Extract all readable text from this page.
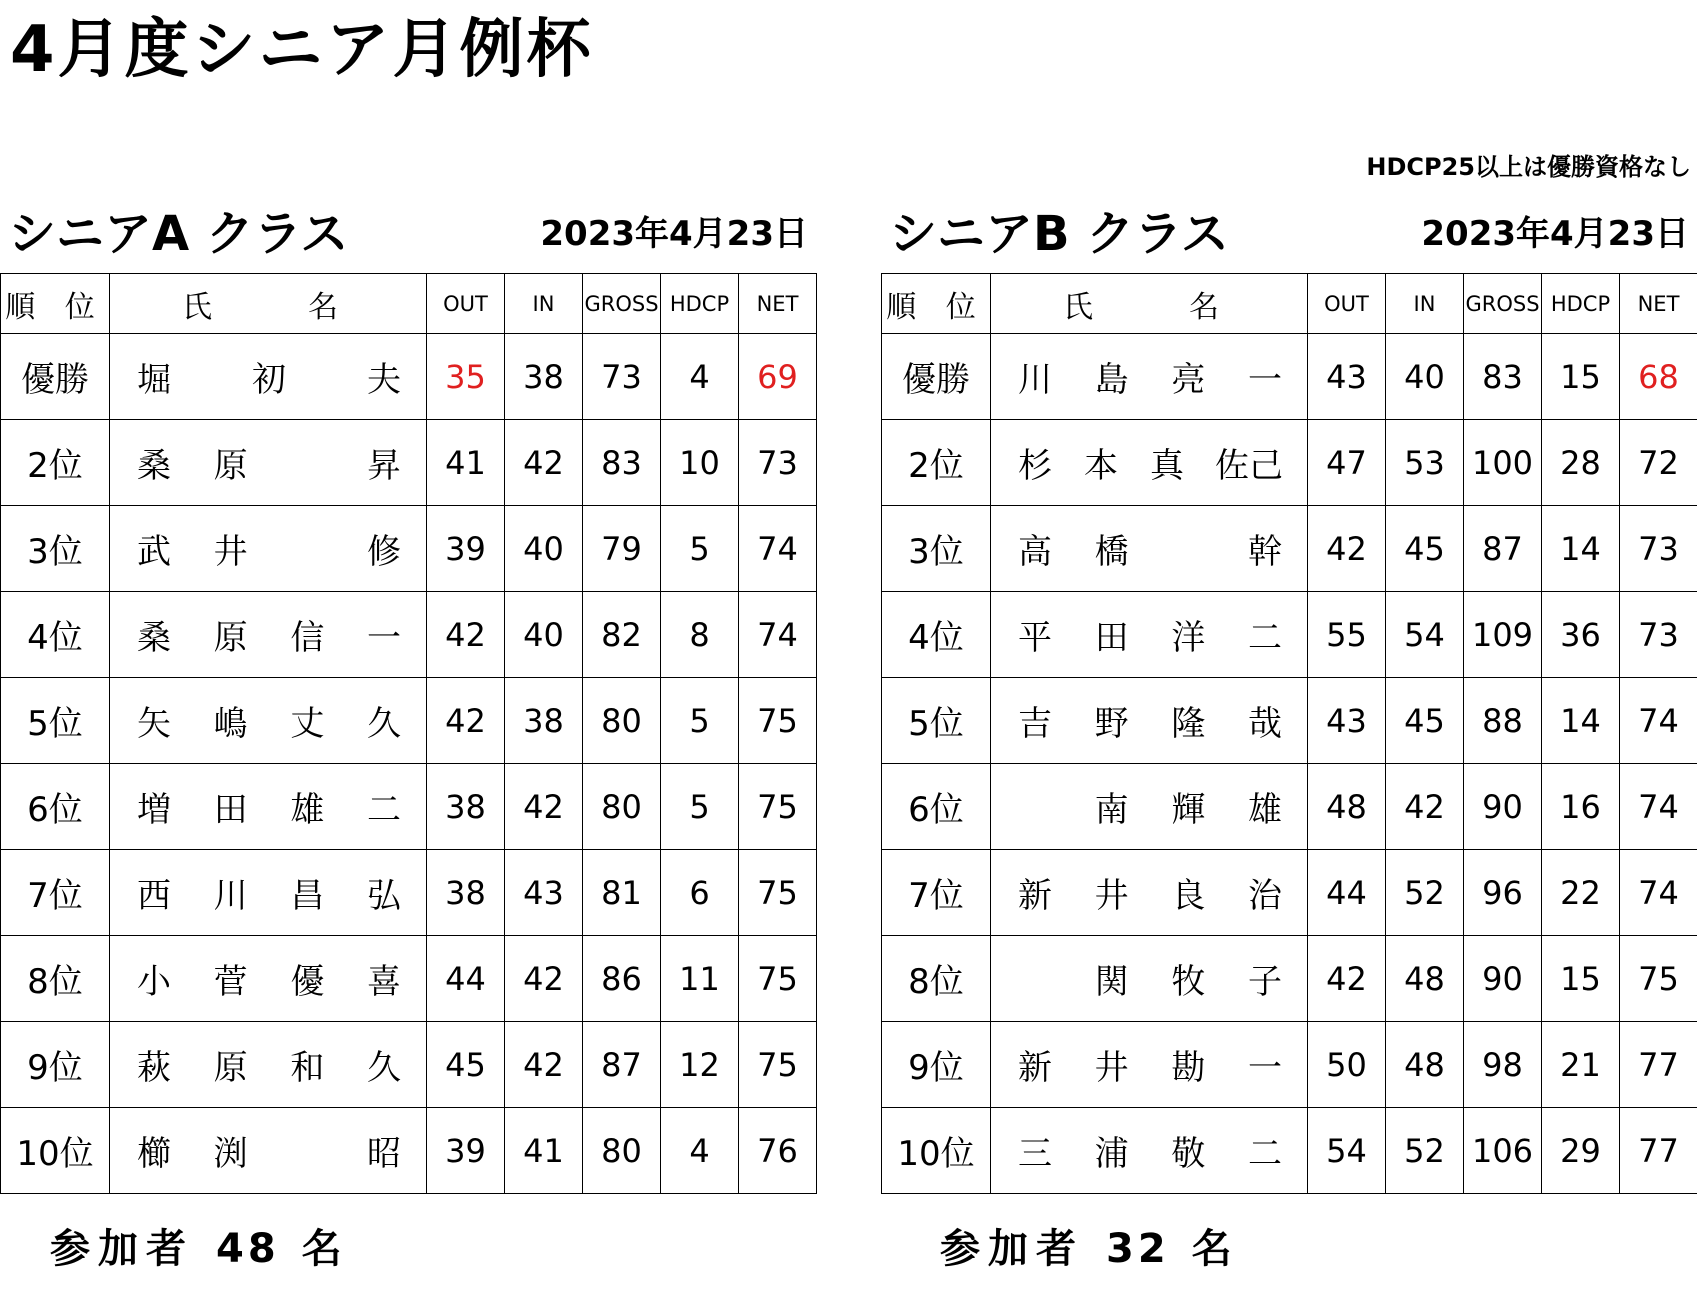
4月度シニア月例杯
HDCP25以上は優勝資格なし
シニアA クラス	2023年4月23日
順 位	氏 名	OUT	IN	GROSS	HDCP	NET
優勝	堀 初 夫	35	38	73	4	69
2位	桑 原 昇	41	42	83	10	73
3位	武 井 修	39	40	79	5	74
4位	桑 原 信 一	42	40	82	8	74
5位	矢 嶋 丈 久	42	38	80	5	75
6位	増 田 雄 二	38	42	80	5	75
7位	西 川 昌 弘	38	43	81	6	75
8位	小 菅 優 喜	44	42	86	11	75
9位	萩 原 和 久	45	42	87	12	75
10位	櫛 渕 昭	39	41	80	4	76
シニアB クラス	2023年4月23日
順 位	氏 名	OUT	IN	GROSS	HDCP	NET
優勝	川 島 亮 一	43	40	83	15	68
2位	杉 本 真 佐己	47	53	100	28	72
3位	高 橋 幹	42	45	87	14	73
4位	平 田 洋 二	55	54	109	36	73
5位	吉 野 隆 哉	43	45	88	14	74
6位	南 輝 雄	48	42	90	16	74
7位	新 井 良 治	44	52	96	22	74
8位	関 牧 子	42	48	90	15	75
9位	新 井 勘 一	50	48	98	21	77
10位	三 浦 敬 二	54	52	106	29	77
参加者 48 名	参加者 32 名
